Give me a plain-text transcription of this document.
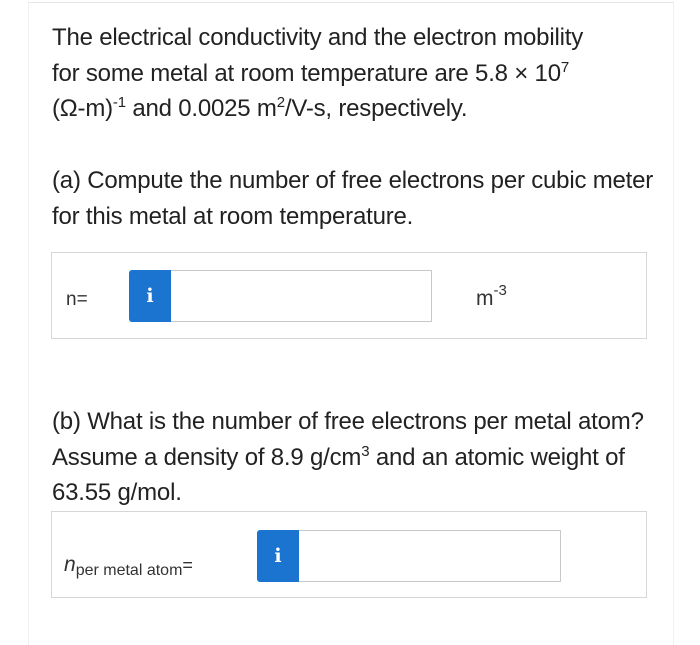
The electrical conductivity and the electron mobility
for some metal at room temperature are $5.8 \times 10^7$
$(\Omega-m)^{-1}$ and 0.0025 $m^2/V-s$, respectively.

(a) Compute the number of free electrons per cubic meter for this metal at room temperature.

n=	i	$m^{-3}$

(b) What is the number of free electrons per metal atom? Assume a density of 8.9 $g/cm^3$ and an atomic weight of 63.55 g/mol.

nper metal atom=	i
